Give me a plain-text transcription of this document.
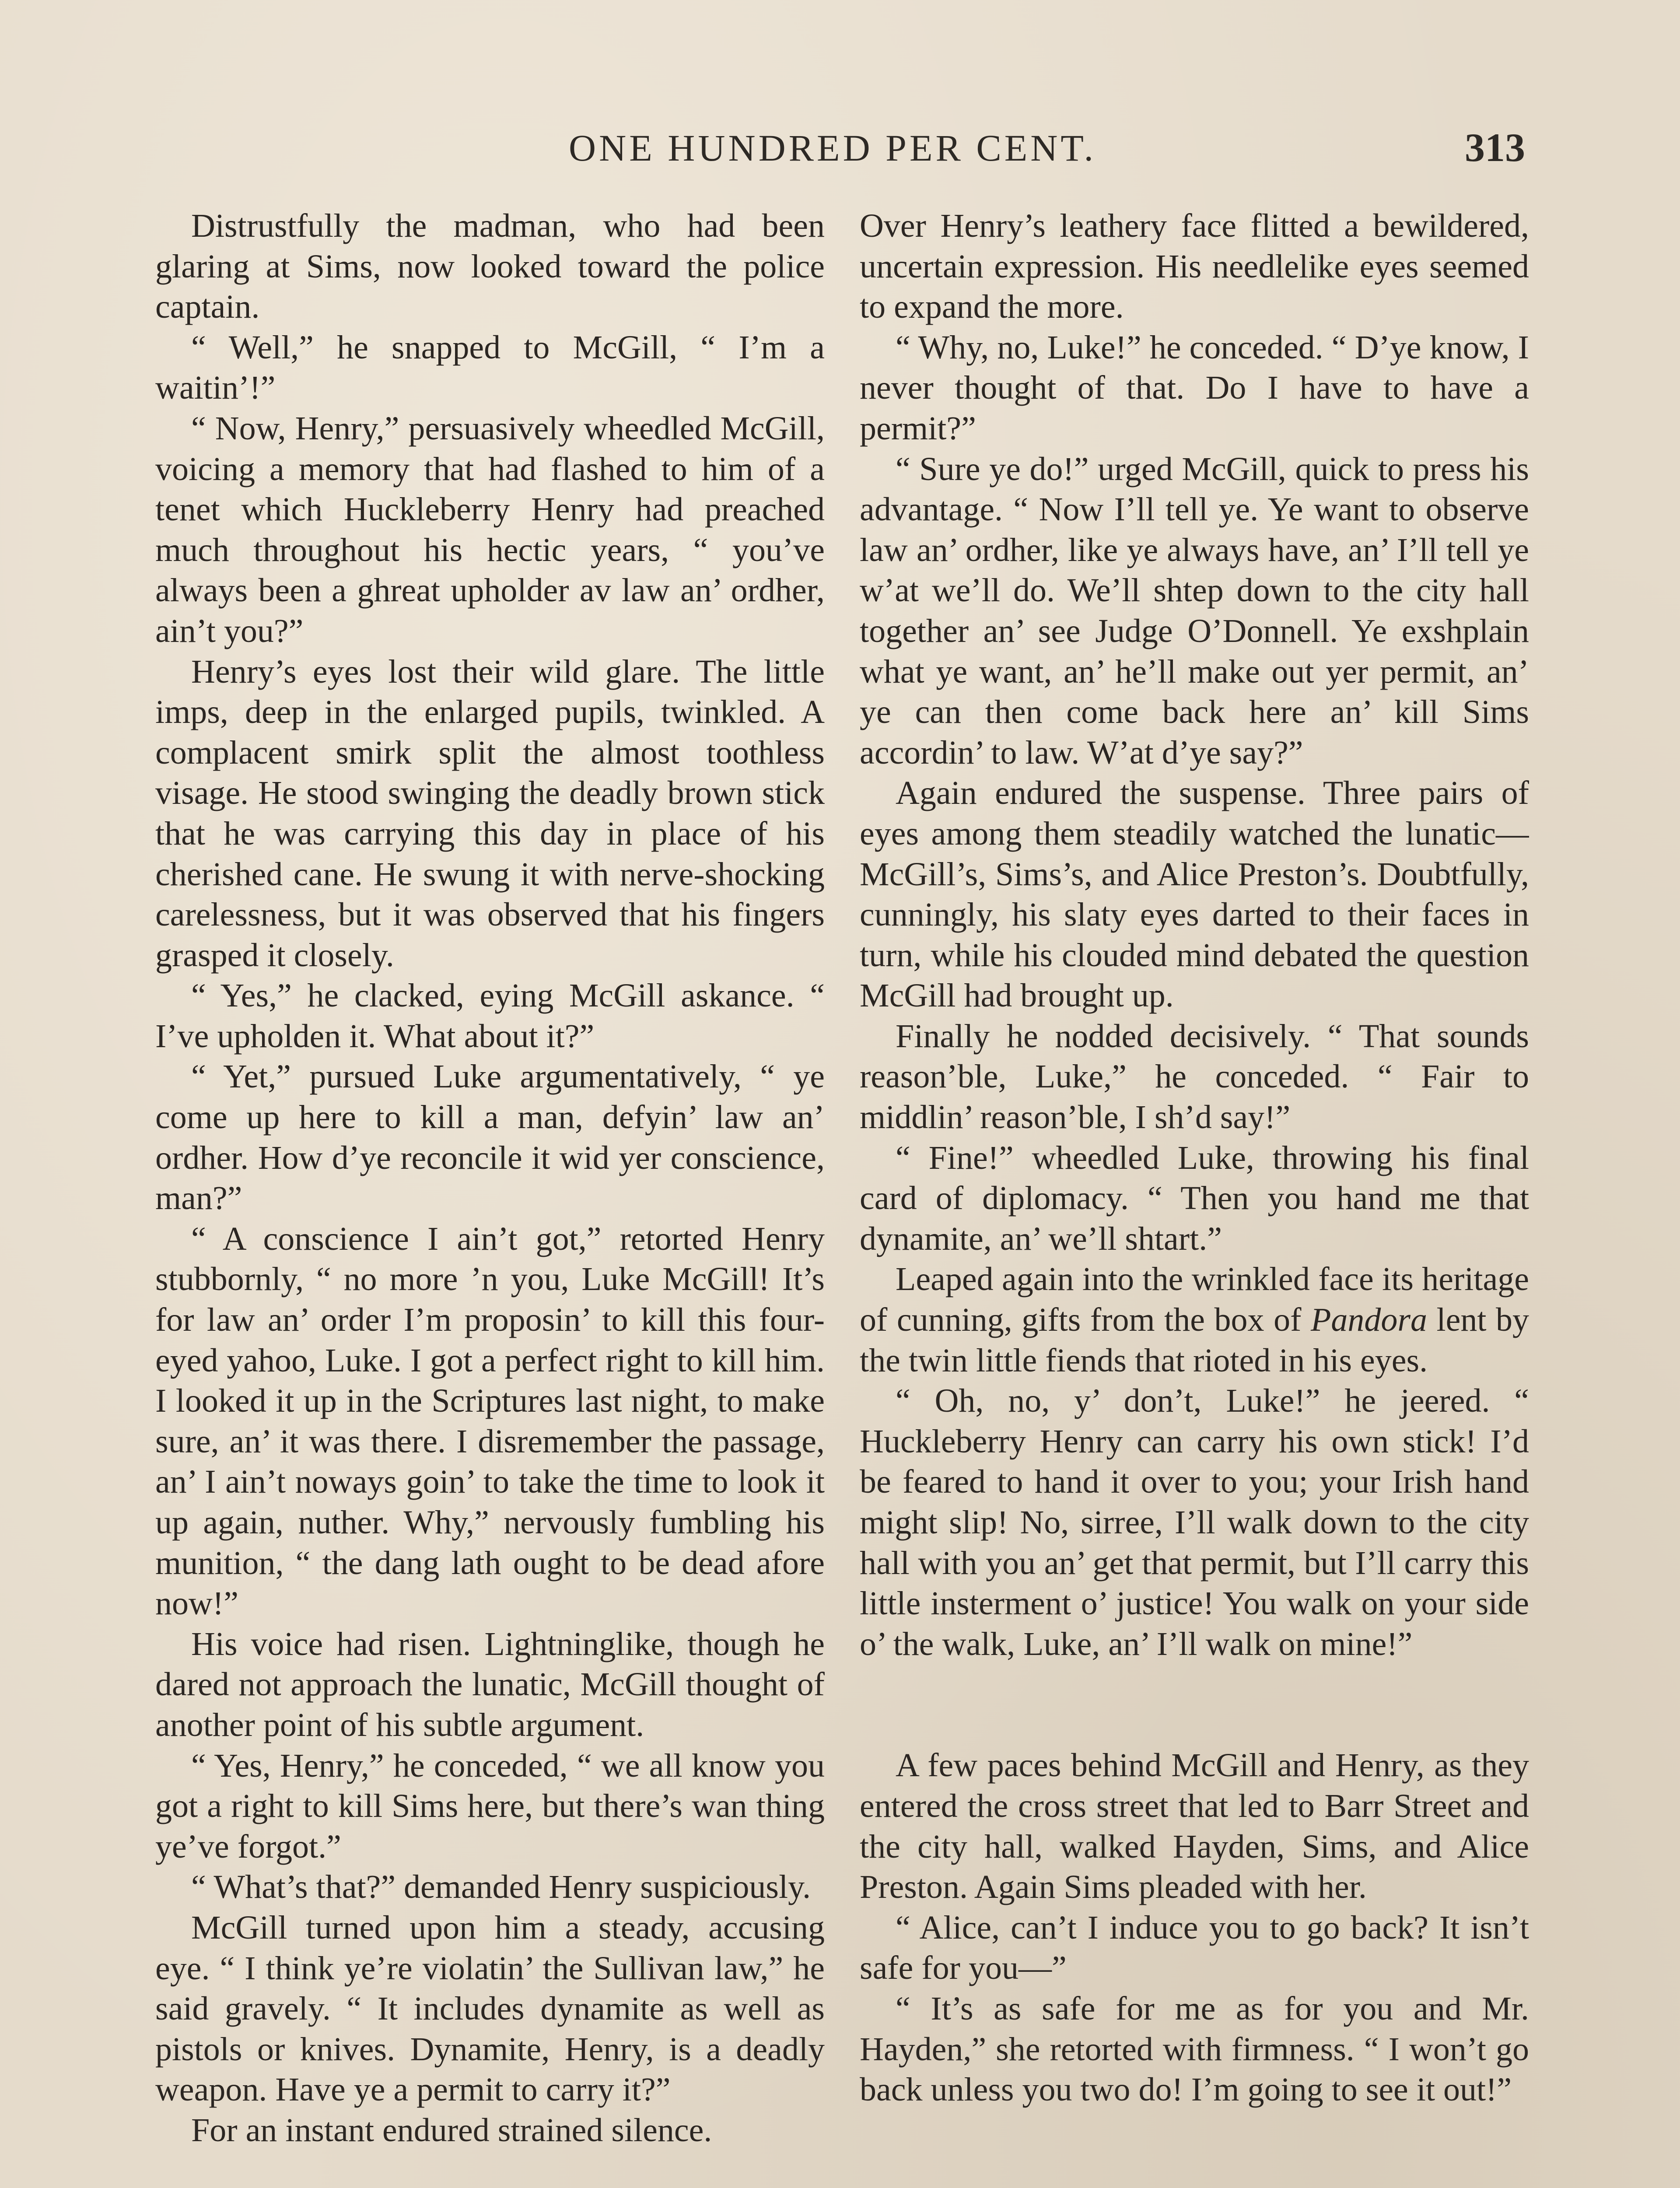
ONE HUNDRED PER CENT.	313

Distrustfully the madman, who had been glaring at Sims, now looked toward the police captain.

“ Well,” he snapped to McGill, “ I’m a waitin’!”

“ Now, Henry,” persuasively wheedled McGill, voicing a memory that had flashed to him of a tenet which Huckleberry Henry had preached much throughout his hectic years, “ you’ve always been a ghreat upholder av law an’ ordher, ain’t you?”

Henry’s eyes lost their wild glare. The little imps, deep in the enlarged pupils, twinkled. A complacent smirk split the almost toothless visage. He stood swinging the deadly brown stick that he was carrying this day in place of his cherished cane. He swung it with nerve-shocking carelessness, but it was observed that his fingers grasped it closely.

“ Yes,” he clacked, eying McGill askance. “ I’ve upholden it. What about it?”

“ Yet,” pursued Luke argumentatively, “ ye come up here to kill a man, defyin’ law an’ ordher. How d’ye reconcile it wid yer conscience, man?”

“ A conscience I ain’t got,” retorted Henry stubbornly, “ no more ’n you, Luke McGill! It’s for law an’ order I’m proposin’ to kill this four-eyed yahoo, Luke. I got a perfect right to kill him. I looked it up in the Scriptures last night, to make sure, an’ it was there. I disremember the passage, an’ I ain’t noways goin’ to take the time to look it up again, nuther. Why,” nervously fumbling his munition, “ the dang lath ought to be dead afore now!”

His voice had risen. Lightninglike, though he dared not approach the lunatic, McGill thought of another point of his subtle argument.

“ Yes, Henry,” he conceded, “ we all know you got a right to kill Sims here, but there’s wan thing ye’ve forgot.”

“ What’s that?” demanded Henry suspiciously.

McGill turned upon him a steady, accusing eye. “ I think ye’re violatin’ the Sullivan law,” he said gravely. “ It includes dynamite as well as pistols or knives. Dynamite, Henry, is a deadly weapon. Have ye a permit to carry it?”

For an instant endured strained silence.

Over Henry’s leathery face flitted a bewildered, uncertain expression. His needlelike eyes seemed to expand the more.

“ Why, no, Luke!” he conceded. “ D’ye know, I never thought of that. Do I have to have a permit?”

“ Sure ye do!” urged McGill, quick to press his advantage. “ Now I’ll tell ye. Ye want to observe law an’ ordher, like ye always have, an’ I’ll tell ye w’at we’ll do. We’ll shtep down to the city hall together an’ see Judge O’Donnell. Ye exshplain what ye want, an’ he’ll make out yer permit, an’ ye can then come back here an’ kill Sims accordin’ to law. W’at d’ye say?”

Again endured the suspense. Three pairs of eyes among them steadily watched the lunatic—McGill’s, Sims’s, and Alice Preston’s. Doubtfully, cunningly, his slaty eyes darted to their faces in turn, while his clouded mind debated the question McGill had brought up.

Finally he nodded decisively. “ That sounds reason’ble, Luke,” he conceded. “ Fair to middlin’ reason’ble, I sh’d say!”

“ Fine!” wheedled Luke, throwing his final card of diplomacy. “ Then you hand me that dynamite, an’ we’ll shtart.”

Leaped again into the wrinkled face its heritage of cunning, gifts from the box of Pandora lent by the twin little fiends that rioted in his eyes.

“ Oh, no, y’ don’t, Luke!” he jeered. “ Huckleberry Henry can carry his own stick! I’d be feared to hand it over to you; your Irish hand might slip! No, sirree, I’ll walk down to the city hall with you an’ get that permit, but I’ll carry this little insterment o’ justice! You walk on your side o’ the walk, Luke, an’ I’ll walk on mine!”

A few paces behind McGill and Henry, as they entered the cross street that led to Barr Street and the city hall, walked Hayden, Sims, and Alice Preston. Again Sims pleaded with her.

“ Alice, can’t I induce you to go back? It isn’t safe for you—”

“ It’s as safe for me as for you and Mr. Hayden,” she retorted with firmness. “ I won’t go back unless you two do! I’m going to see it out!”
